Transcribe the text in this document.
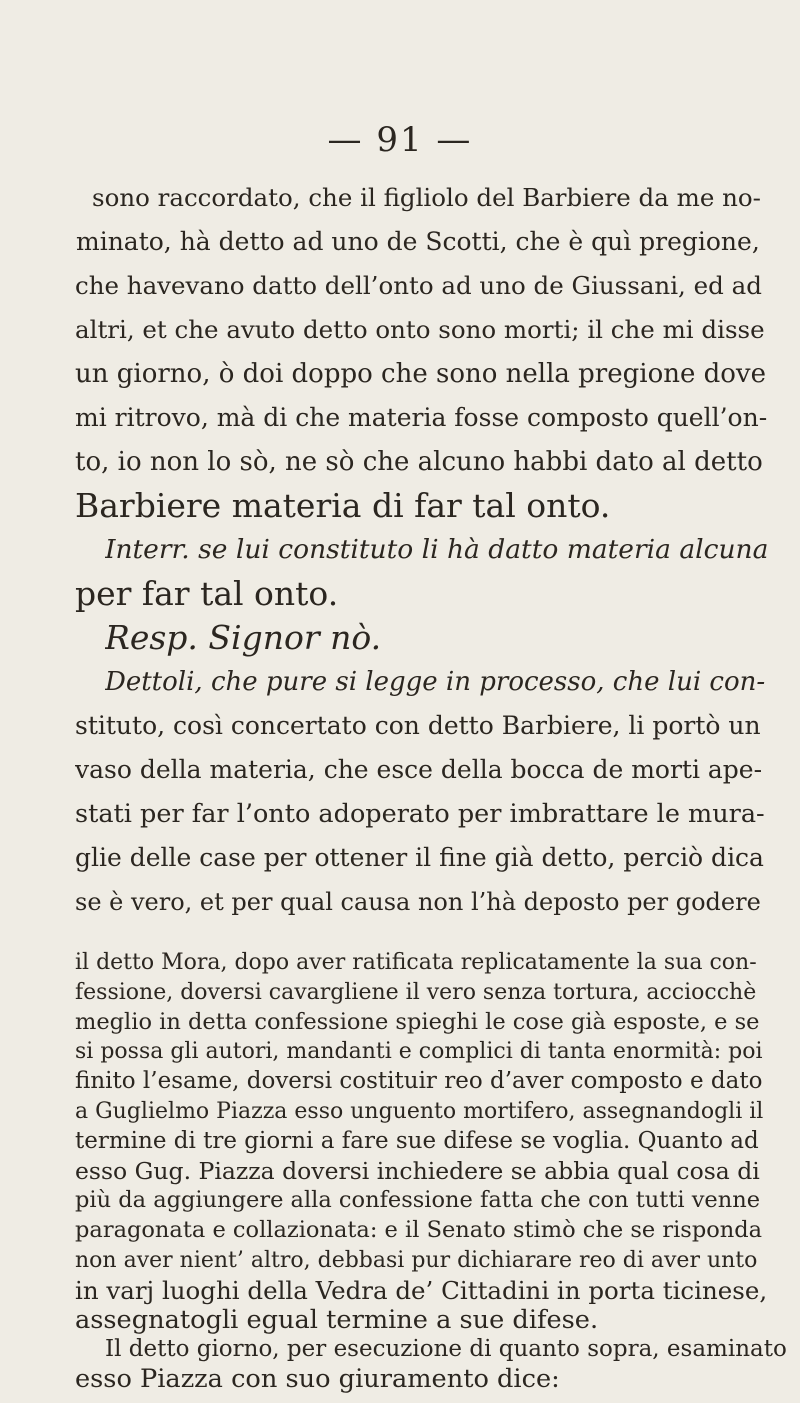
— 91 —

sono raccordato, che il figliolo del Barbiere da me no-

minato, hà detto ad uno de Scotti, che è quì pregione,

che havevano datto dell’onto ad uno de Giussani, ed ad

altri, et che avuto detto onto sono morti; il che mi disse

un giorno, ò doi doppo che sono nella pregione dove

mi ritrovo, mà di che materia fosse composto quell’on-

to, io non lo sò, ne sò che alcuno habbi dato al detto

Barbiere materia di far tal onto.

Interr. se lui constituto li hà datto materia alcuna

per far tal onto.

Resp. Signor nò.

Dettoli, che pure si legge in processo, che lui con-

stituto, così concertato con detto Barbiere, li portò un

vaso della materia, che esce della bocca de morti ape-

stati per far l’onto adoperato per imbrattare le mura-

glie delle case per ottener il fine già detto, perciò dica

se è vero, et per qual causa non l’hà deposto per godere

il detto Mora, dopo aver ratificata replicatamente la sua con-

fessione, doversi cavargliene il vero senza tortura, acciocchè

meglio in detta confessione spieghi le cose già esposte, e se

si possa gli autori, mandanti e complici di tanta enormità: poi

finito l’esame, doversi costituir reo d’aver composto e dato

a Guglielmo Piazza esso unguento mortifero, assegnandogli il

termine di tre giorni a fare sue difese se voglia. Quanto ad

esso Gug. Piazza doversi inchiedere se abbia qual cosa di

più da aggiungere alla confessione fatta che con tutti venne

paragonata e collazionata: e il Senato stimò che se risponda

non aver nient’ altro, debbasi pur dichiarare reo di aver unto

in varj luoghi della Vedra de’ Cittadini in porta ticinese,

assegnatogli egual termine a sue difese.

Il detto giorno, per esecuzione di quanto sopra, esaminato

esso Piazza con suo giuramento dice:
